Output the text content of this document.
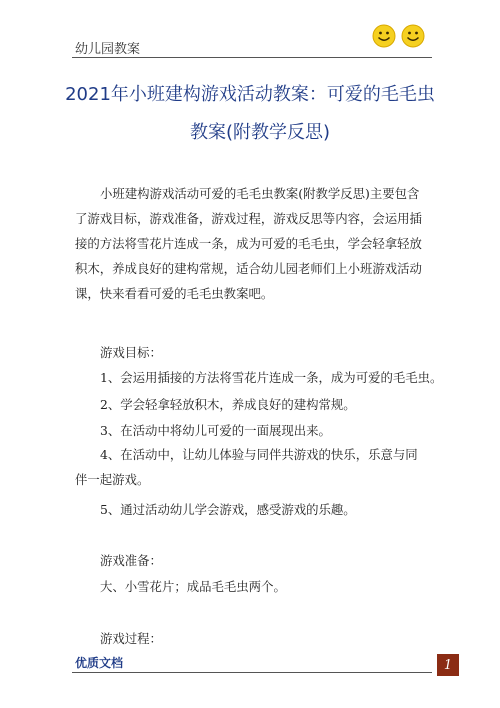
幼儿园教案
2021年小班建构游戏活动教案：可爱的毛毛虫
教案(附教学反思)
小班建构游戏活动可爱的毛毛虫教案(附教学反思)主要包含了游戏目标，游戏准备，游戏过程，游戏反思等内容，会运用插接的方法将雪花片连成一条，成为可爱的毛毛虫，学会轻拿轻放积木，养成良好的建构常规，适合幼儿园老师们上小班游戏活动课，快来看看可爱的毛毛虫教案吧。
游戏目标：
1、会运用插接的方法将雪花片连成一条，成为可爱的毛毛虫。
2、学会轻拿轻放积木，养成良好的建构常规。
3、在活动中将幼儿可爱的一面展现出来。
4、在活动中，让幼儿体验与同伴共游戏的快乐，乐意与同伴一起游戏。
5、通过活动幼儿学会游戏，感受游戏的乐趣。
游戏准备：
大、小雪花片；成品毛毛虫两个。
游戏过程：
优质文档	1
